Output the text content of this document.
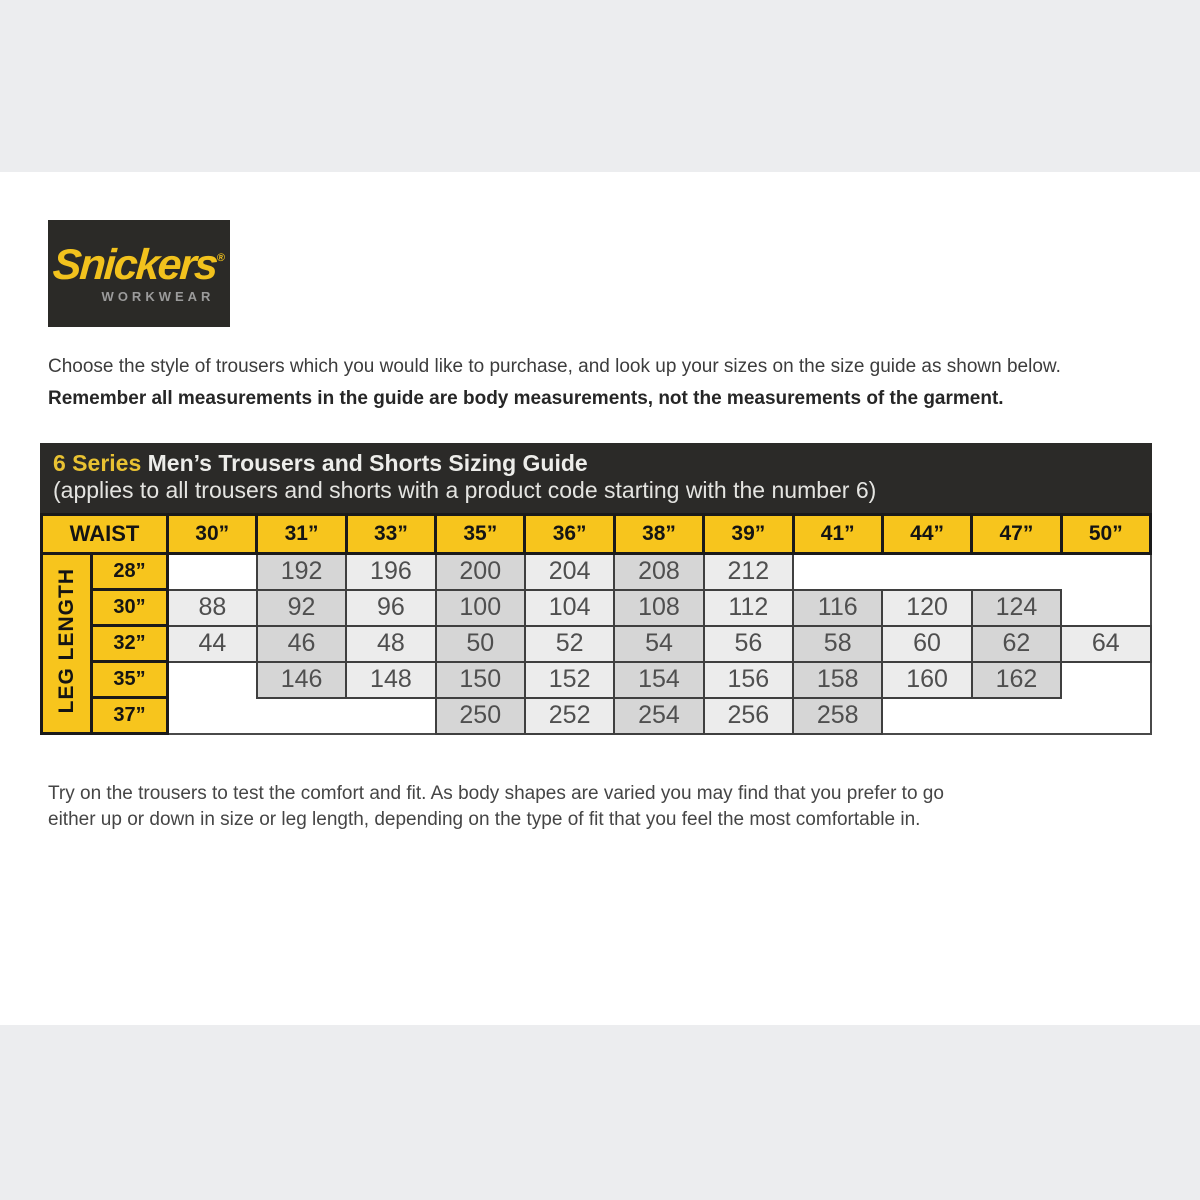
Snickers®
WORKWEAR

Choose the style of trousers which you would like to purchase, and look up your sizes on the size guide as shown below.

Remember all measurements in the guide are body measurements, not the measurements of the garment.

6 Series Men’s Trousers and Shorts Sizing Guide
(applies to all trousers and shorts with a product code starting with the number 6)
WAIST		30”	31”	33”	35”	36”	38”	39”	41”	44”	47”	50”
LEG LENGTH	28”		192	196	200	204	208	212				
	30”	88	92	96	100	104	108	112	116	120	124	
	32”	44	46	48	50	52	54	56	58	60	62	64
	35”		146	148	150	152	154	156	158	160	162	
	37”				250	252	254	256	258			

Try on the trousers to test the comfort and fit. As body shapes are varied you may find that you prefer to go

either up or down in size or leg length, depending on the type of fit that you feel the most comfortable in.
